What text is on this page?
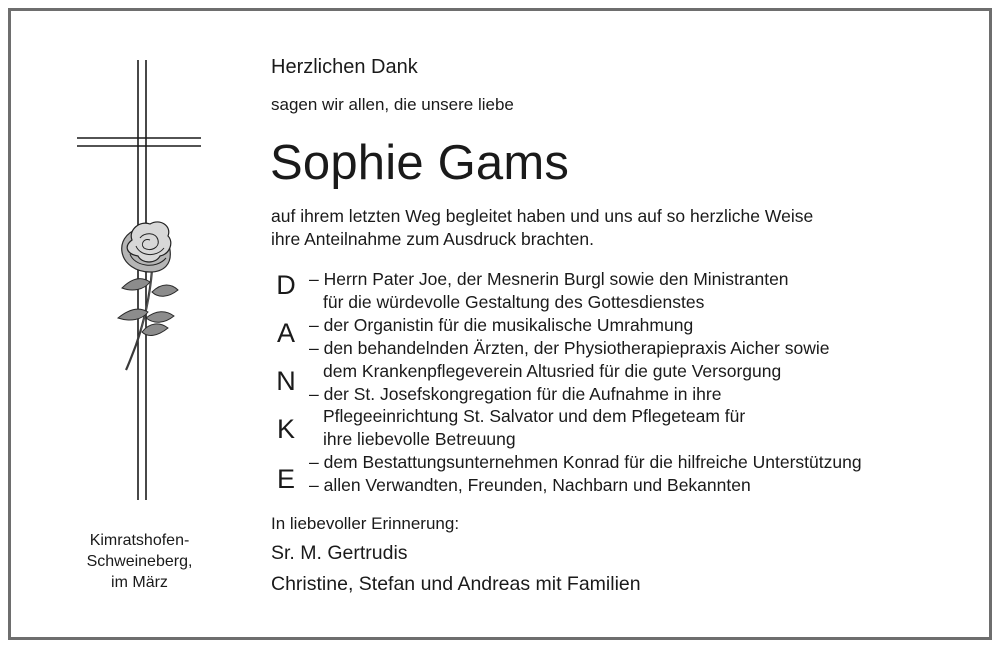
Kimratshofen-
Schweineberg,
im März
Herzlichen Dank
sagen wir allen, die unsere liebe
Sophie Gams
auf ihrem letzten Weg begleitet haben und uns auf so herzliche Weise
ihre Anteilnahme zum Ausdruck brachten.
D
A
N
K
E
– Herrn Pater Joe, der Mesnerin Burgl sowie den Ministranten
für die würdevolle Gestaltung des Gottesdienstes
– der Organistin für die musikalische Umrahmung
– den behandelnden Ärzten, der Physiotherapiepraxis Aicher sowie
dem Krankenpflegeverein Altusried für die gute Versorgung
– der St. Josefskongregation für die Aufnahme in ihre
Pflegeeinrichtung St. Salvator und dem Pflegeteam für
ihre liebevolle Betreuung
– dem Bestattungsunternehmen Konrad für die hilfreiche Unterstützung
– allen Verwandten, Freunden, Nachbarn und Bekannten
In liebevoller Erinnerung:
Sr. M. Gertrudis
Christine, Stefan und Andreas mit Familien
